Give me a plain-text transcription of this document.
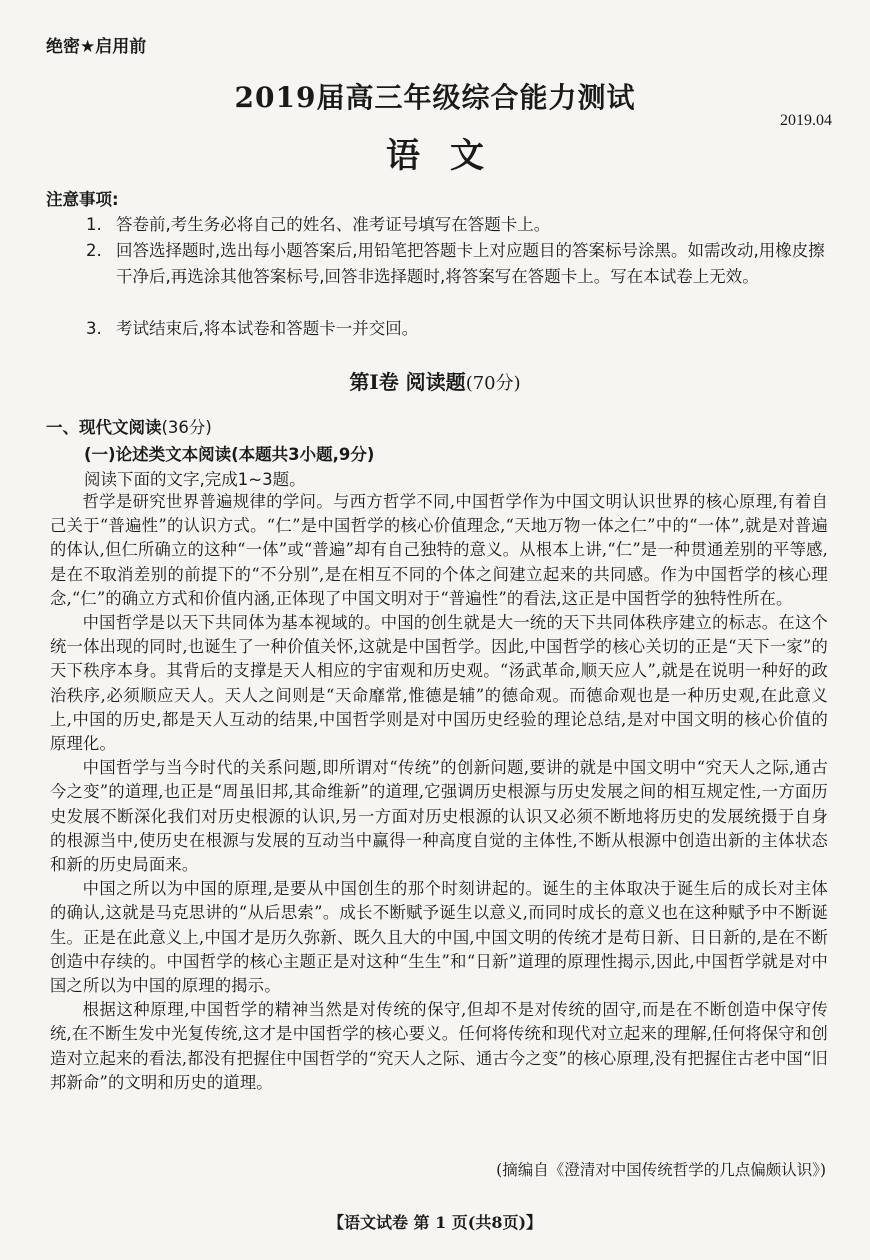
绝密★启用前
2019届高三年级综合能力测试
2019.04
语文
注意事项:
1. 答卷前,考生务必将自己的姓名、准考证号填写在答题卡上。
2. 回答选择题时,选出每小题答案后,用铅笔把答题卡上对应题目的答案标号涂黑。如需改动,用橡皮擦干净后,再选涂其他答案标号,回答非选择题时,将答案写在答题卡上。写在本试卷上无效。
3. 考试结束后,将本试卷和答题卡一并交回。
第Ⅰ卷 阅读题(70分)
一、现代文阅读(36分)
(一)论述类文本阅读(本题共3小题,9分)
阅读下面的文字,完成1~3题。

哲学是研究世界普遍规律的学问。与西方哲学不同,中国哲学作为中国文明认识世界的核心原理,有着自己关于“普遍性”的认识方式。“仁”是中国哲学的核心价值理念,“天地万物一体之仁”中的“一体”,就是对普遍的体认,但仁所确立的这种“一体”或“普遍”却有自己独特的意义。从根本上讲,“仁”是一种贯通差别的平等感,是在不取消差别的前提下的“不分别”,是在相互不同的个体之间建立起来的共同感。作为中国哲学的核心理念,“仁”的确立方式和价值内涵,正体现了中国文明对于“普遍性”的看法,这正是中国哲学的独特性所在。

中国哲学是以天下共同体为基本视域的。中国的创生就是大一统的天下共同体秩序建立的标志。在这个统一体出现的同时,也诞生了一种价值关怀,这就是中国哲学。因此,中国哲学的核心关切的正是“天下一家”的天下秩序本身。其背后的支撑是天人相应的宇宙观和历史观。“汤武革命,顺天应人”,就是在说明一种好的政治秩序,必须顺应天人。天人之间则是“天命靡常,惟德是辅”的德命观。而德命观也是一种历史观,在此意义上,中国的历史,都是天人互动的结果,中国哲学则是对中国历史经验的理论总结,是对中国文明的核心价值的原理化。

中国哲学与当今时代的关系问题,即所谓对“传统”的创新问题,要讲的就是中国文明中“究天人之际,通古今之变”的道理,也正是“周虽旧邦,其命维新”的道理,它强调历史根源与历史发展之间的相互规定性,一方面历史发展不断深化我们对历史根源的认识,另一方面对历史根源的认识又必须不断地将历史的发展统摄于自身的根源当中,使历史在根源与发展的互动当中赢得一种高度自觉的主体性,不断从根源中创造出新的主体状态和新的历史局面来。

中国之所以为中国的原理,是要从中国创生的那个时刻讲起的。诞生的主体取决于诞生后的成长对主体的确认,这就是马克思讲的“从后思索”。成长不断赋予诞生以意义,而同时成长的意义也在这种赋予中不断诞生。正是在此意义上,中国才是历久弥新、既久且大的中国,中国文明的传统才是苟日新、日日新的,是在不断创造中存续的。中国哲学的核心主题正是对这种“生生”和“日新”道理的原理性揭示,因此,中国哲学就是对中国之所以为中国的原理的揭示。

根据这种原理,中国哲学的精神当然是对传统的保守,但却不是对传统的固守,而是在不断创造中保守传统,在不断生发中光复传统,这才是中国哲学的核心要义。任何将传统和现代对立起来的理解,任何将保守和创造对立起来的看法,都没有把握住中国哲学的“究天人之际、通古今之变”的核心原理,没有把握住古老中国“旧邦新命”的文明和历史的道理。

(摘编自《澄清对中国传统哲学的几点偏颇认识》)
【语文试卷 第 1 页(共8页)】
